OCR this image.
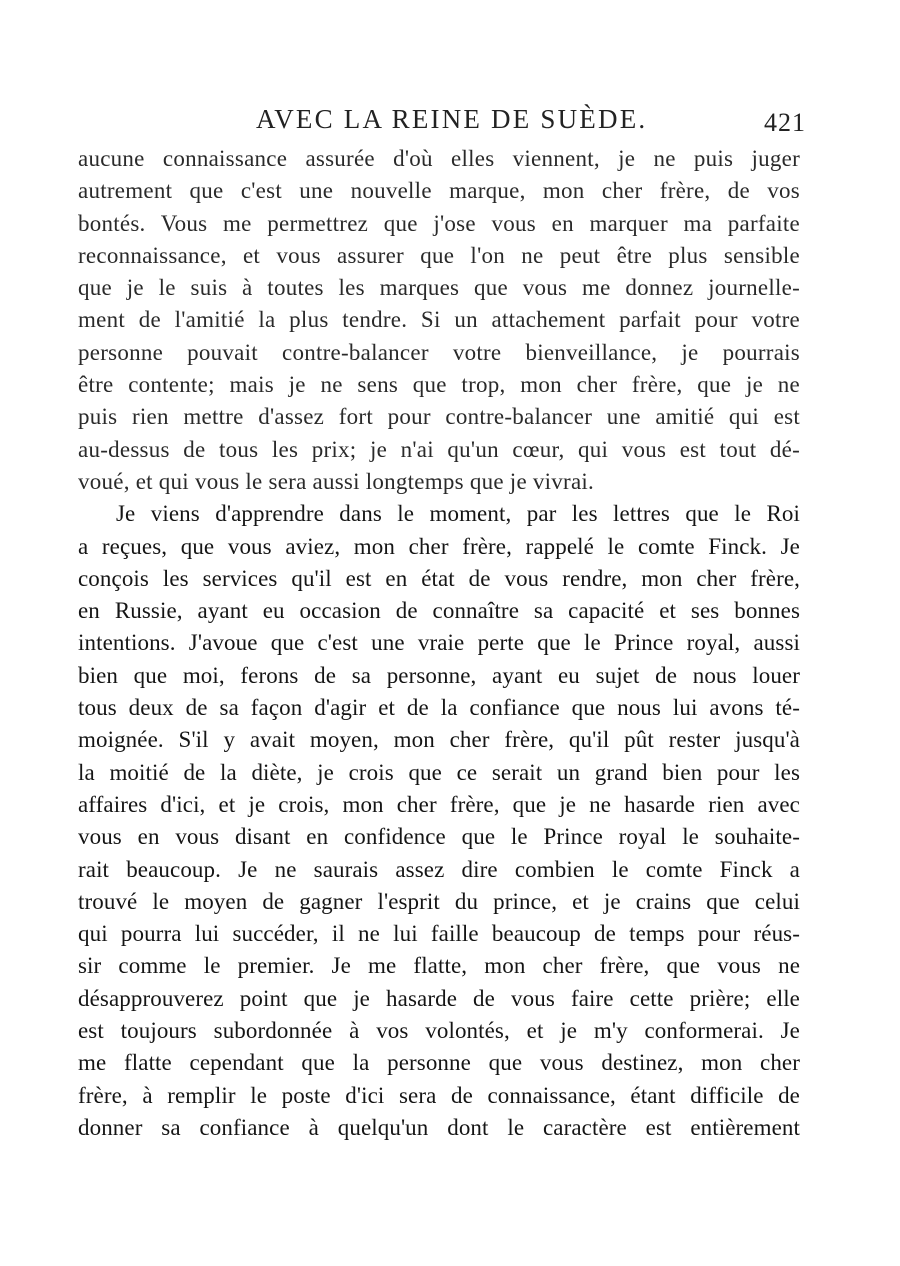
AVEC LA REINE DE SUÈDE.	421
aucune connaissance assurée d'où elles viennent, je ne puis juger
autrement que c'est une nouvelle marque, mon cher frère, de vos
bontés. Vous me permettrez que j'ose vous en marquer ma parfaite
reconnaissance, et vous assurer que l'on ne peut être plus sensible
que je le suis à toutes les marques que vous me donnez journelle-
ment de l'amitié la plus tendre. Si un attachement parfait pour votre
personne pouvait contre-balancer votre bienveillance, je pourrais
être contente; mais je ne sens que trop, mon cher frère, que je ne
puis rien mettre d'assez fort pour contre-balancer une amitié qui est
au-dessus de tous les prix; je n'ai qu'un cœur, qui vous est tout dé-
voué, et qui vous le sera aussi longtemps que je vivrai.
Je viens d'apprendre dans le moment, par les lettres que le Roi
a reçues, que vous aviez, mon cher frère, rappelé le comte Finck. Je
conçois les services qu'il est en état de vous rendre, mon cher frère,
en Russie, ayant eu occasion de connaître sa capacité et ses bonnes
intentions. J'avoue que c'est une vraie perte que le Prince royal, aussi
bien que moi, ferons de sa personne, ayant eu sujet de nous louer
tous deux de sa façon d'agir et de la confiance que nous lui avons té-
moignée. S'il y avait moyen, mon cher frère, qu'il pût rester jusqu'à
la moitié de la diète, je crois que ce serait un grand bien pour les
affaires d'ici, et je crois, mon cher frère, que je ne hasarde rien avec
vous en vous disant en confidence que le Prince royal le souhaite-
rait beaucoup. Je ne saurais assez dire combien le comte Finck a
trouvé le moyen de gagner l'esprit du prince, et je crains que celui
qui pourra lui succéder, il ne lui faille beaucoup de temps pour réus-
sir comme le premier. Je me flatte, mon cher frère, que vous ne
désapprouverez point que je hasarde de vous faire cette prière; elle
est toujours subordonnée à vos volontés, et je m'y conformerai. Je
me flatte cependant que la personne que vous destinez, mon cher
frère, à remplir le poste d'ici sera de connaissance, étant difficile de
donner sa confiance à quelqu'un dont le caractère est entièrement
